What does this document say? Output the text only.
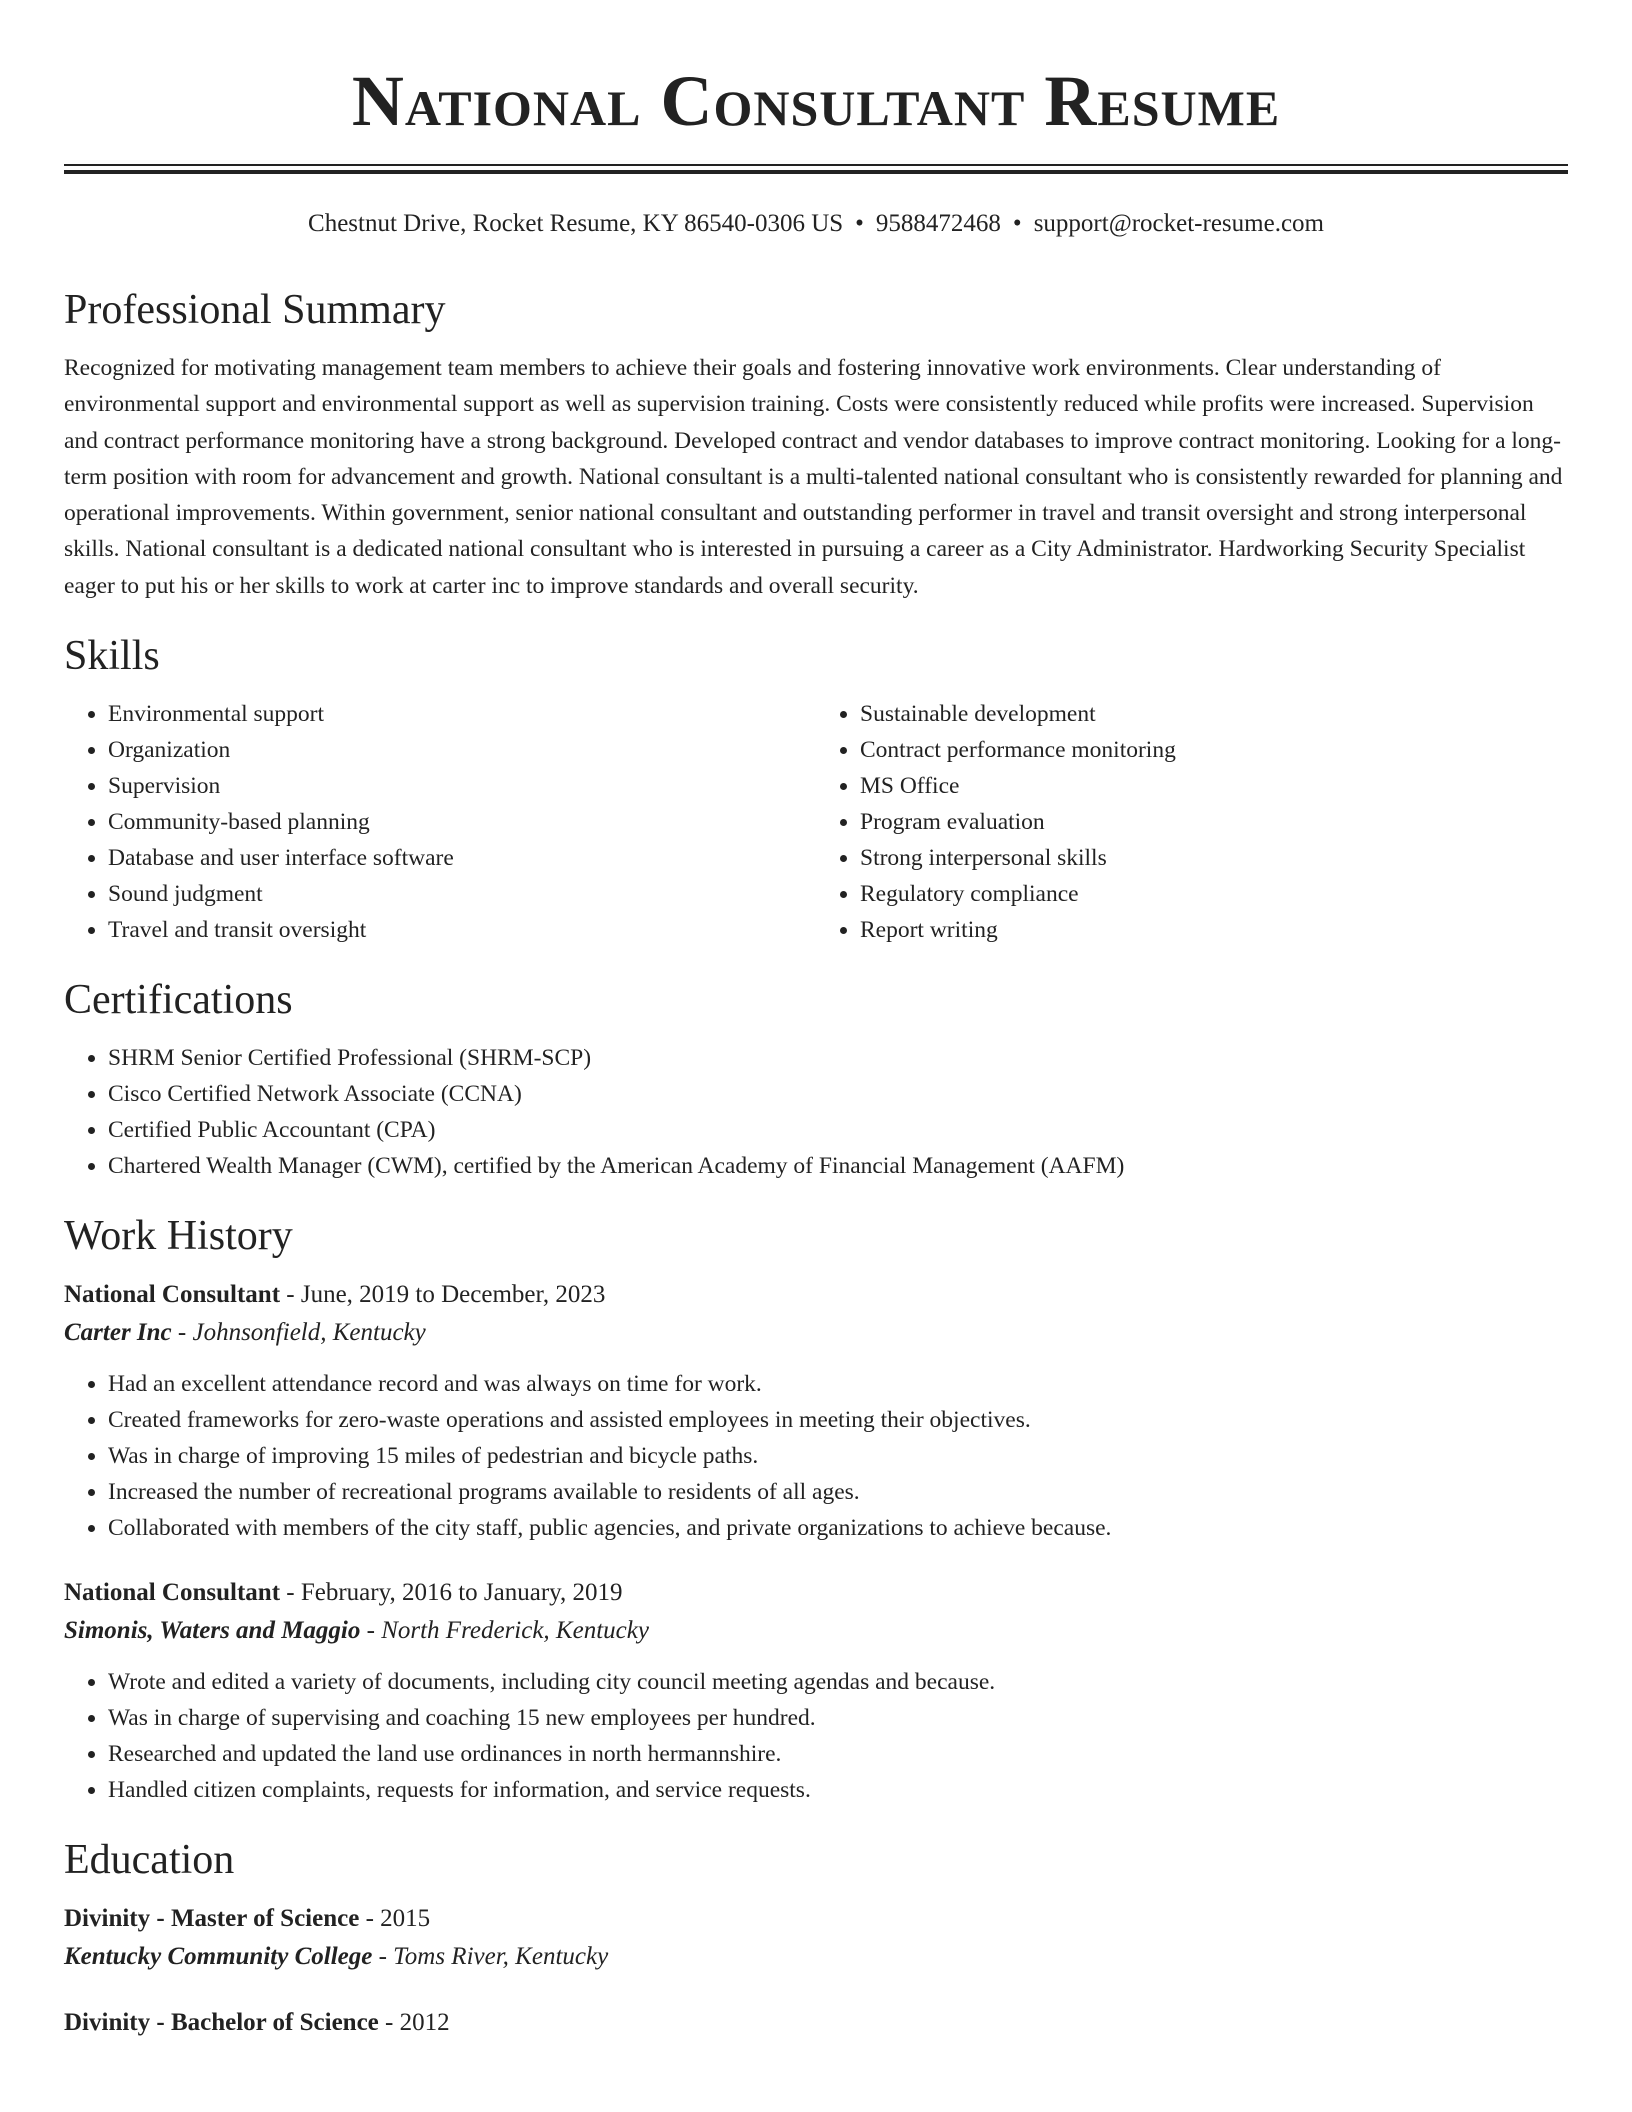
National Consultant Resume
Chestnut Drive, Rocket Resume, KY 86540-0306 US • 9588472468 • support@rocket-resume.com
Professional Summary

Recognized for motivating management team members to achieve their goals and fostering innovative work environments. Clear understanding of environmental support and environmental support as well as supervision training. Costs were consistently reduced while profits were increased. Supervision and contract performance monitoring have a strong background. Developed contract and vendor databases to improve contract monitoring. Looking for a long-term position with room for advancement and growth. National consultant is a multi-talented national consultant who is consistently rewarded for planning and operational improvements. Within government, senior national consultant and outstanding performer in travel and transit oversight and strong interpersonal skills. National consultant is a dedicated national consultant who is interested in pursuing a career as a City Administrator. Hardworking Security Specialist eager to put his or her skills to work at carter inc to improve standards and overall security.

Skills
• Environmental support
• Organization
• Supervision
• Community-based planning
• Database and user interface software
• Sound judgment
• Travel and transit oversight
• Sustainable development
• Contract performance monitoring
• MS Office
• Program evaluation
• Strong interpersonal skills
• Regulatory compliance
• Report writing
Certifications
• SHRM Senior Certified Professional (SHRM-SCP)
• Cisco Certified Network Associate (CCNA)
• Certified Public Accountant (CPA)
• Chartered Wealth Manager (CWM), certified by the American Academy of Financial Management (AAFM)
Work History
National Consultant - June, 2019 to December, 2023
Carter Inc - Johnsonfield, Kentucky
• Had an excellent attendance record and was always on time for work.
• Created frameworks for zero-waste operations and assisted employees in meeting their objectives.
• Was in charge of improving 15 miles of pedestrian and bicycle paths.
• Increased the number of recreational programs available to residents of all ages.
• Collaborated with members of the city staff, public agencies, and private organizations to achieve because.
National Consultant - February, 2016 to January, 2019
Simonis, Waters and Maggio - North Frederick, Kentucky
• Wrote and edited a variety of documents, including city council meeting agendas and because.
• Was in charge of supervising and coaching 15 new employees per hundred.
• Researched and updated the land use ordinances in north hermannshire.
• Handled citizen complaints, requests for information, and service requests.
Education
Divinity - Master of Science - 2015
Kentucky Community College - Toms River, Kentucky
Divinity - Bachelor of Science - 2012
